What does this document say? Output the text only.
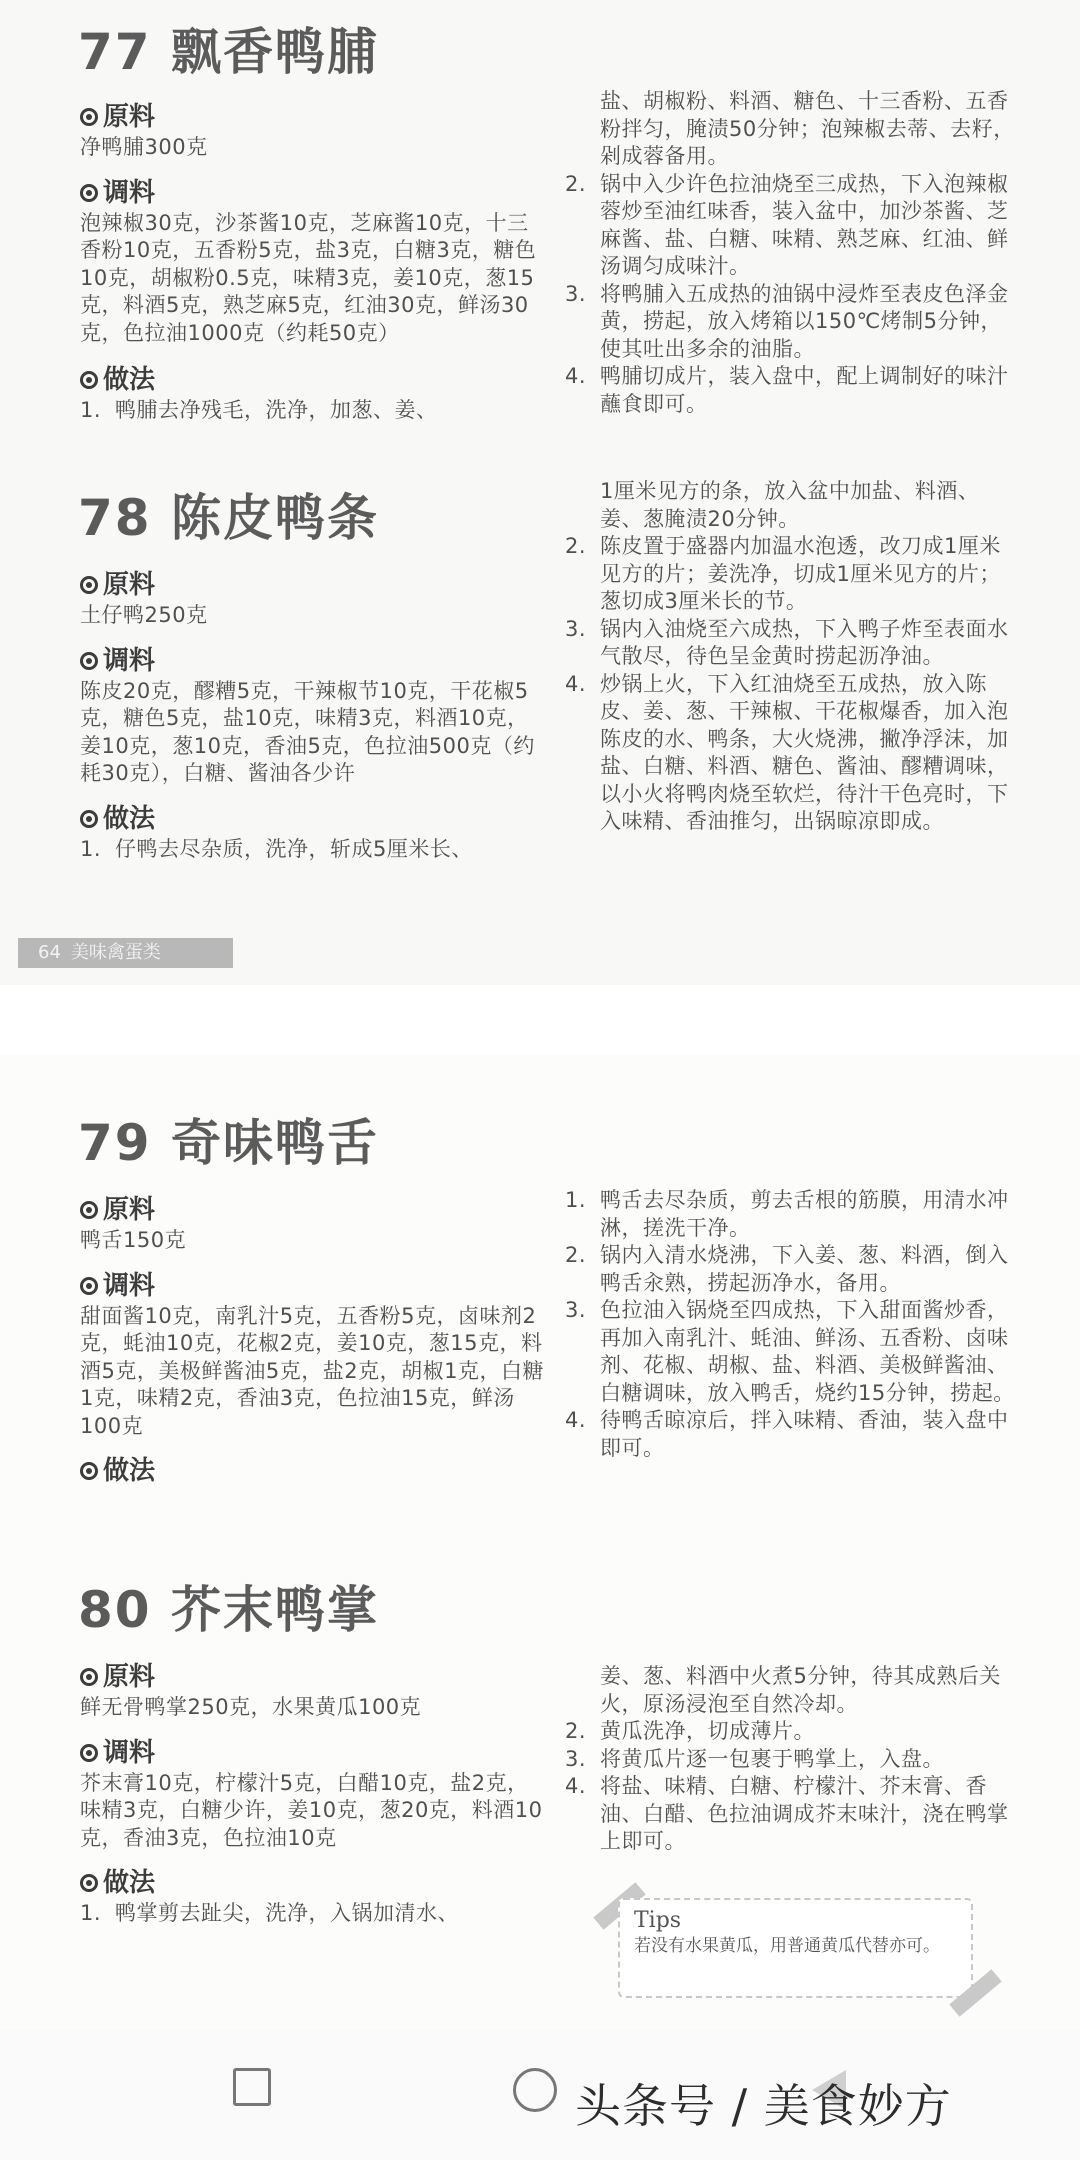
77 飘香鸭脯
原料
净鸭脯300克
调料
泡辣椒30克，沙茶酱10克，芝麻酱10克，十三香粉10克，五香粉5克，盐3克，白糖3克，糖色10克，胡椒粉0.5克，味精3克，姜10克，葱15克，料酒5克，熟芝麻5克，红油30克，鲜汤30克，色拉油1000克（约耗50克）
做法
1. 鸭脯去净残毛，洗净，加葱、姜、
盐、胡椒粉、料酒、糖色、十三香粉、五香粉拌匀，腌渍50分钟；泡辣椒去蒂、去籽，剁成蓉备用。
2. 锅中入少许色拉油烧至三成热，下入泡辣椒蓉炒至油红味香，装入盆中，加沙茶酱、芝麻酱、盐、白糖、味精、熟芝麻、红油、鲜汤调匀成味汁。
3. 将鸭脯入五成热的油锅中浸炸至表皮色泽金黄，捞起，放入烤箱以150℃烤制5分钟，使其吐出多余的油脂。
4. 鸭脯切成片，装入盘中，配上调制好的味汁蘸食即可。
78 陈皮鸭条
原料
土仔鸭250克
调料
陈皮20克，醪糟5克，干辣椒节10克，干花椒5克，糖色5克，盐10克，味精3克，料酒10克，姜10克，葱10克，香油5克，色拉油500克（约耗30克），白糖、酱油各少许
做法
1. 仔鸭去尽杂质，洗净，斩成5厘米长、
1厘米见方的条，放入盆中加盐、料酒、姜、葱腌渍20分钟。
2. 陈皮置于盛器内加温水泡透，改刀成1厘米见方的片；姜洗净，切成1厘米见方的片；葱切成3厘米长的节。
3. 锅内入油烧至六成热，下入鸭子炸至表面水气散尽，待色呈金黄时捞起沥净油。
4. 炒锅上火，下入红油烧至五成热，放入陈皮、姜、葱、干辣椒、干花椒爆香，加入泡陈皮的水、鸭条，大火烧沸，撇净浮沫，加盐、白糖、料酒、糖色、酱油、醪糟调味，以小火将鸭肉烧至软烂，待汁干色亮时，下入味精、香油推匀，出锅晾凉即成。
64 美味禽蛋类
79 奇味鸭舌
原料
鸭舌150克
调料
甜面酱10克，南乳汁5克，五香粉5克，卤味剂2克，蚝油10克，花椒2克，姜10克，葱15克，料酒5克，美极鲜酱油5克，盐2克，胡椒1克，白糖1克，味精2克，香油3克，色拉油15克，鲜汤100克
做法
1. 鸭舌去尽杂质，剪去舌根的筋膜，用清水冲淋，搓洗干净。
2. 锅内入清水烧沸，下入姜、葱、料酒，倒入鸭舌汆熟，捞起沥净水，备用。
3. 色拉油入锅烧至四成热，下入甜面酱炒香，再加入南乳汁、蚝油、鲜汤、五香粉、卤味剂、花椒、胡椒、盐、料酒、美极鲜酱油、白糖调味，放入鸭舌，烧约15分钟，捞起。
4. 待鸭舌晾凉后，拌入味精、香油，装入盘中即可。
80 芥末鸭掌
原料
鲜无骨鸭掌250克，水果黄瓜100克
调料
芥末膏10克，柠檬汁5克，白醋10克，盐2克，味精3克，白糖少许，姜10克，葱20克，料酒10克，香油3克，色拉油10克
做法
1. 鸭掌剪去趾尖，洗净，入锅加清水、
姜、葱、料酒中火煮5分钟，待其成熟后关火，原汤浸泡至自然冷却。
2. 黄瓜洗净，切成薄片。
3. 将黄瓜片逐一包裹于鸭掌上，入盘。
4. 将盐、味精、白糖、柠檬汁、芥末膏、香油、白醋、色拉油调成芥末味汁，浇在鸭掌上即可。
Tips
若没有水果黄瓜，用普通黄瓜代替亦可。
头条号 / 美食妙方
